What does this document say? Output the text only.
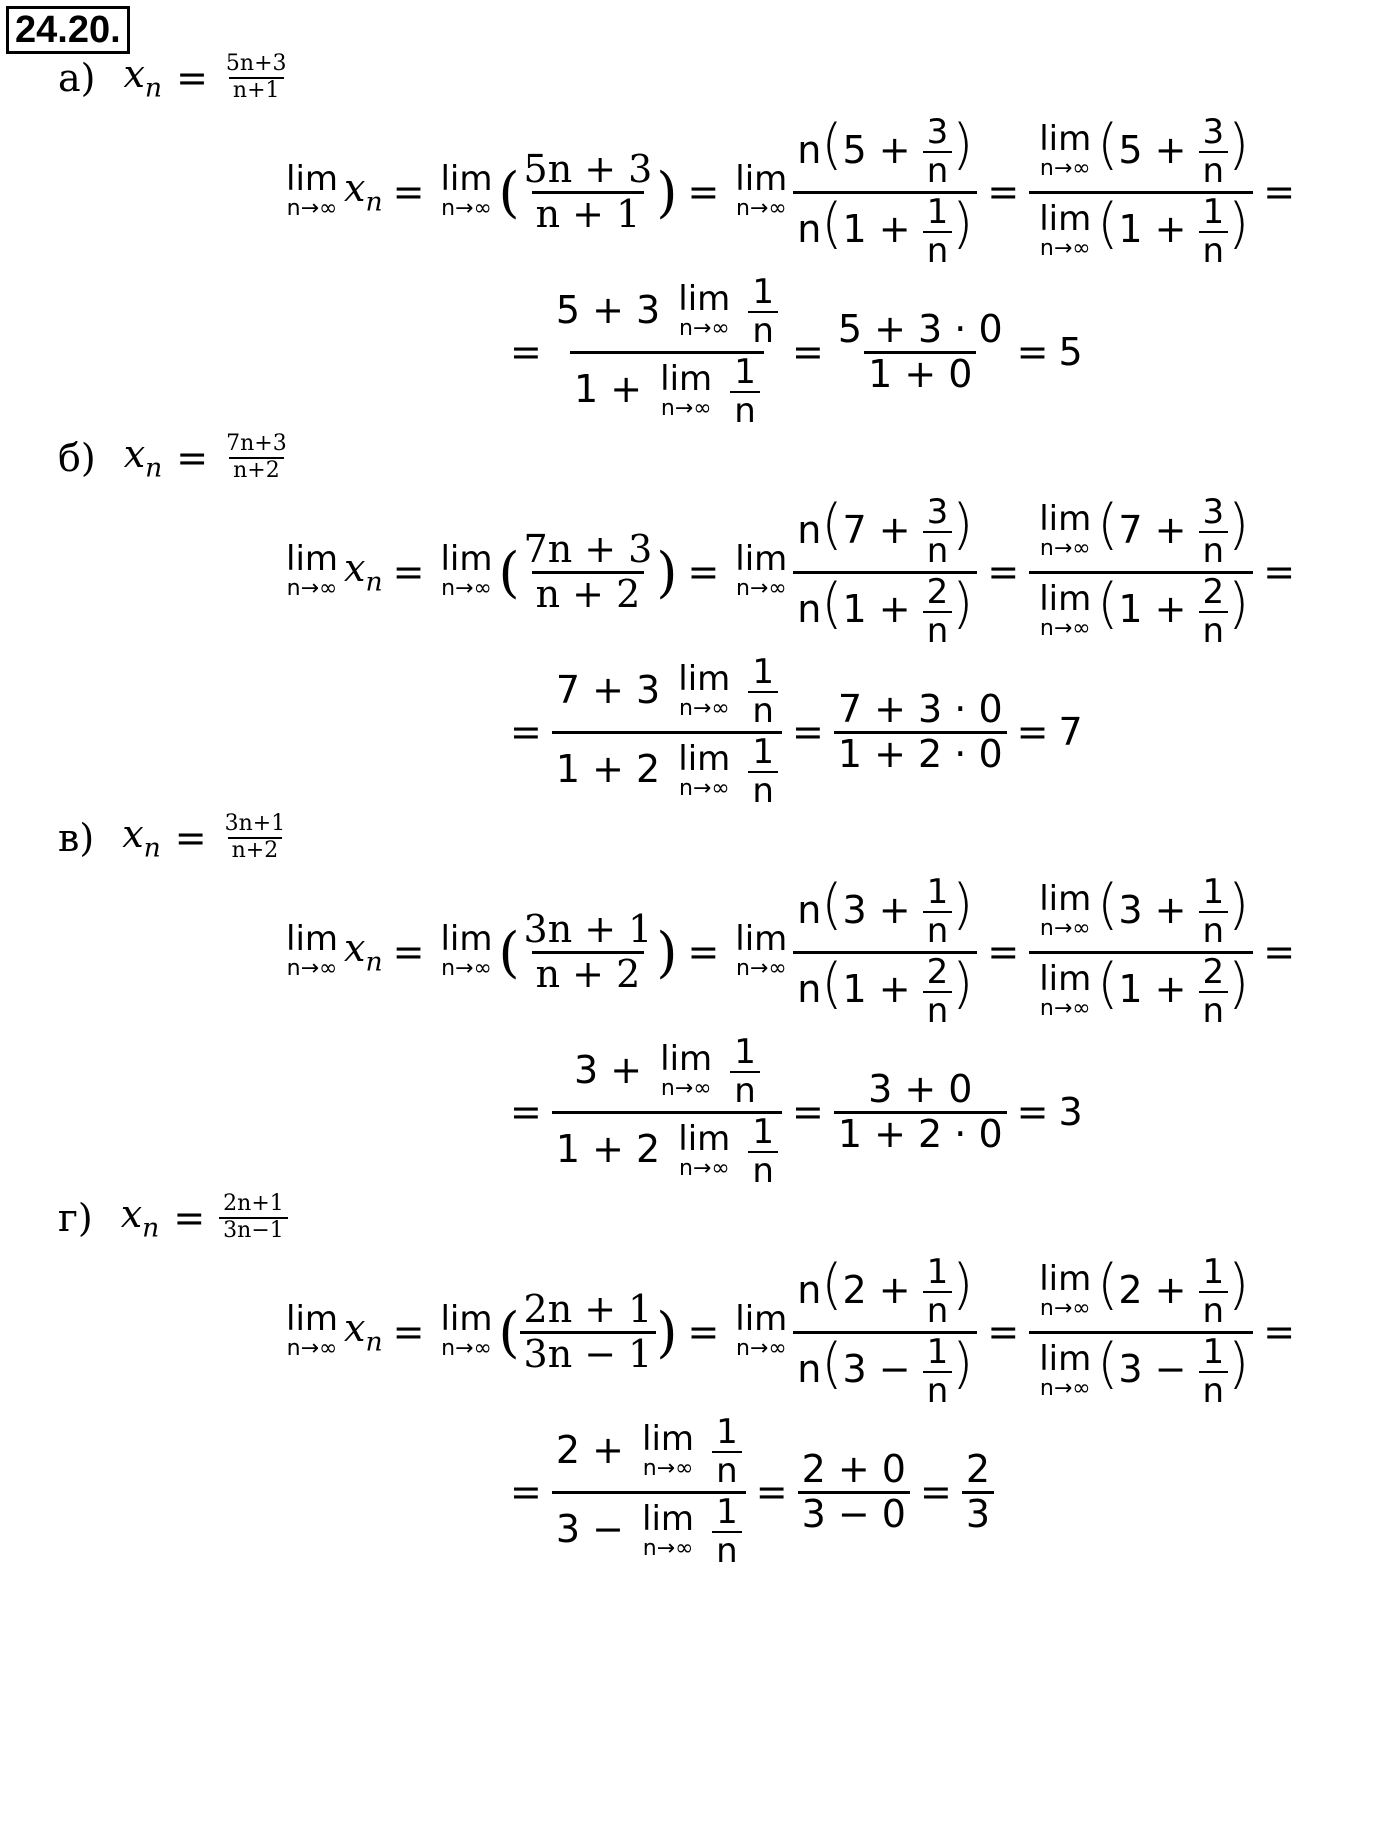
24.20.
а) $x_n = \frac{5n+3}{n+1}$
lim
n→∞ $x_n = \lim$
n→∞ ( $\frac{5n + 3}{n + 1}$ ) = lim
$n\to\infty \frac{n(5 + \frac{3}{n} )}{n(1 + \frac{1}{n} )} = \lim$
n→∞ ($5 + \frac{3}{n}$ )
lim
n→∞ ($1 + \frac{1}{n}$ ) =
= 5 + 3 lim
n→∞
$\frac{1}{n}$
1 + lim
n→∞
$\frac{1}{n} = \frac{5 + 3 \cdot 0}{1 + 0} = 5$
б) $x_n = \frac{7n+3}{n+2}$
lim
n→∞ $x_n = \lim$
n→∞ ( $\frac{7n + 3}{n + 2}$ ) = lim
$n\to\infty \frac{n(7 + \frac{3}{n} )}{n(1 + \frac{2}{n} )} = \lim$
n→∞ ($7 + \frac{3}{n}$ )
lim
n→∞ ($1 + \frac{2}{n}$ ) =
= 7 + 3 lim
n→∞
$\frac{1}{n}$
1 + 2 lim
n→∞
$\frac{1}{n} = \frac{7 + 3 \cdot 0}{1 + 2 \cdot 0} = 7$
в) $x_n = \frac{3n+1}{n+2}$
lim
n→∞ $x_n = \lim$
n→∞ ( $\frac{3n + 1}{n + 2}$ ) = lim
$n\to\infty \frac{n(3 + \frac{1}{n} )}{n(1 + \frac{2}{n} )} = \lim$
n→∞ ($3 + \frac{1}{n}$ )
lim
n→∞ ($1 + \frac{2}{n}$ ) =
= 3 + lim
n→∞
$\frac{1}{n}$
1 + 2 lim
n→∞
$\frac{1}{n} = \frac{3 + 0}{1 + 2 \cdot 0} = 3$
г) $x_n = \frac{2n+1}{3n-1}$
lim
n→∞ $x_n = \lim$
n→∞ ( $\frac{2n + 1}{3n - 1}$ ) = lim
$n\to\infty \frac{n(2 + \frac{1}{n} )}{n(3 - \frac{1}{n} )} = \lim$
n→∞ ($2 + \frac{1}{n}$ )
lim
n→∞ ($3 - \frac{1}{n}$ ) =
= 2 + lim
n→∞
$\frac{1}{n}$
3 − lim
n→∞
$\frac{1}{n} = \frac{2 + 0}{3 - 0} = \frac{2}{3}$
